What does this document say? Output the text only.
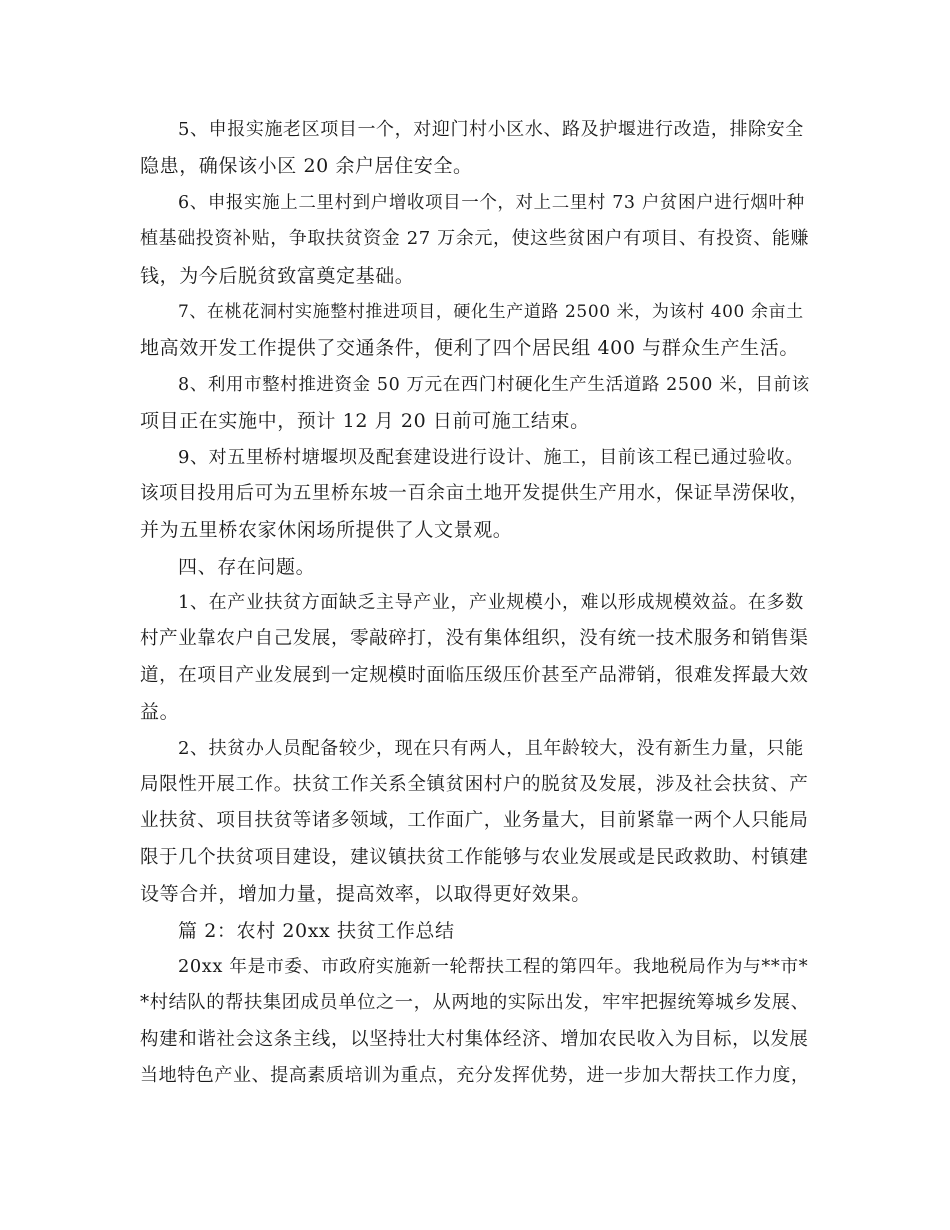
5、申报实施老区项目一个，对迎门村小区水、路及护堰进行改造，排除安全
隐患，确保该小区 20 余户居住安全。
6、申报实施上二里村到户增收项目一个，对上二里村 73 户贫困户进行烟叶种
植基础投资补贴，争取扶贫资金 27 万余元，使这些贫困户有项目、有投资、能赚
钱，为今后脱贫致富奠定基础。
7、在桃花洞村实施整村推进项目，硬化生产道路 2500 米，为该村 400 余亩土
地高效开发工作提供了交通条件，便利了四个居民组 400 与群众生产生活。
8、利用市整村推进资金 50 万元在西门村硬化生产生活道路 2500 米，目前该
项目正在实施中，预计 12 月 20 日前可施工结束。
9、对五里桥村塘堰坝及配套建设进行设计、施工，目前该工程已通过验收。
该项目投用后可为五里桥东坡一百余亩土地开发提供生产用水，保证旱涝保收，
并为五里桥农家休闲场所提供了人文景观。
四、存在问题。
1、在产业扶贫方面缺乏主导产业，产业规模小，难以形成规模效益。在多数
村产业靠农户自己发展，零敲碎打，没有集体组织，没有统一技术服务和销售渠
道，在项目产业发展到一定规模时面临压级压价甚至产品滞销，很难发挥最大效
益。
2、扶贫办人员配备较少，现在只有两人，且年龄较大，没有新生力量，只能
局限性开展工作。扶贫工作关系全镇贫困村户的脱贫及发展，涉及社会扶贫、产
业扶贫、项目扶贫等诸多领域，工作面广，业务量大，目前紧靠一两个人只能局
限于几个扶贫项目建设，建议镇扶贫工作能够与农业发展或是民政救助、村镇建
设等合并，增加力量，提高效率，以取得更好效果。
篇 2：农村 20xx 扶贫工作总结
20xx 年是市委、市政府实施新一轮帮扶工程的第四年。我地税局作为与**市*
*村结队的帮扶集团成员单位之一，从两地的实际出发，牢牢把握统筹城乡发展、
构建和谐社会这条主线，以坚持壮大村集体经济、增加农民收入为目标，以发展
当地特色产业、提高素质培训为重点，充分发挥优势，进一步加大帮扶工作力度，
